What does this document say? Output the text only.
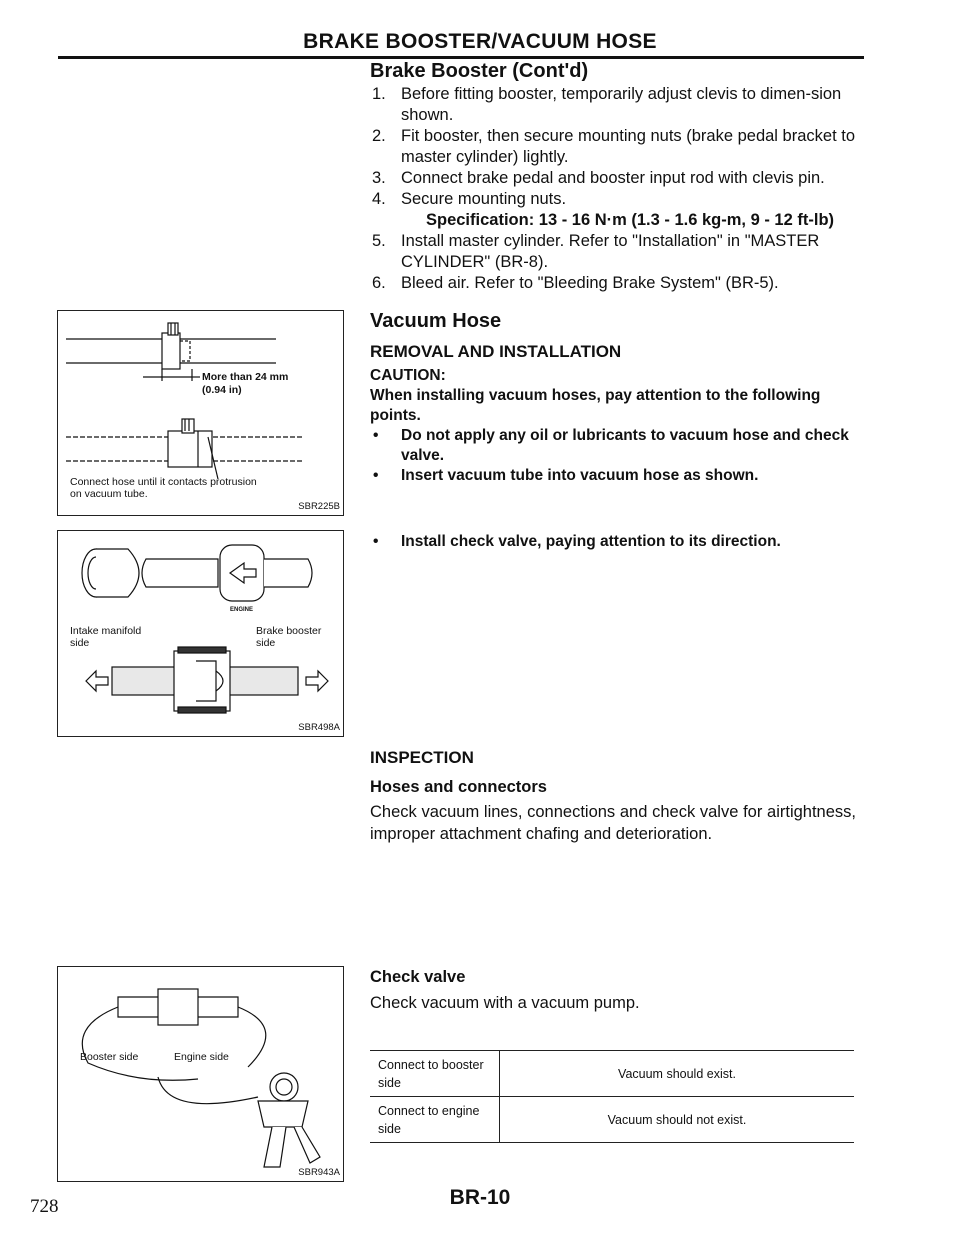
BRAKE BOOSTER/VACUUM HOSE
Brake Booster (Cont'd)
1. Before fitting booster, temporarily adjust clevis to dimen-sion shown.
2. Fit booster, then secure mounting nuts (brake pedal bracket to master cylinder) lightly.
3. Connect brake pedal and booster input rod with clevis pin.
4. Secure mounting nuts.
Specification: 13 - 16 N·m (1.3 - 1.6 kg-m, 9 - 12 ft-lb)
5. Install master cylinder. Refer to "Installation" in "MASTER CYLINDER" (BR-8).
6. Bleed air. Refer to "Bleeding Brake System" (BR-5).
Vacuum Hose
REMOVAL AND INSTALLATION
CAUTION:
When installing vacuum hoses, pay attention to the following points.
• Do not apply any oil or lubricants to vacuum hose and check valve.
• Insert vacuum tube into vacuum hose as shown.
• Install check valve, paying attention to its direction.
INSPECTION
Hoses and connectors
Check vacuum lines, connections and check valve for airtightness, improper attachment chafing and deterioration.
Check valve
Check vacuum with a vacuum pump.
Connect to booster side	Vacuum should exist.
Connect to engine side	Vacuum should not exist.
More than 24 mm
(0.94 in)
Connect hose until it contacts protrusion on vacuum tube.
SBR225B
ENGINE
Intake manifold side
Brake booster side
SBR498A
Booster side	Engine side
SBR943A
BR-10
728
